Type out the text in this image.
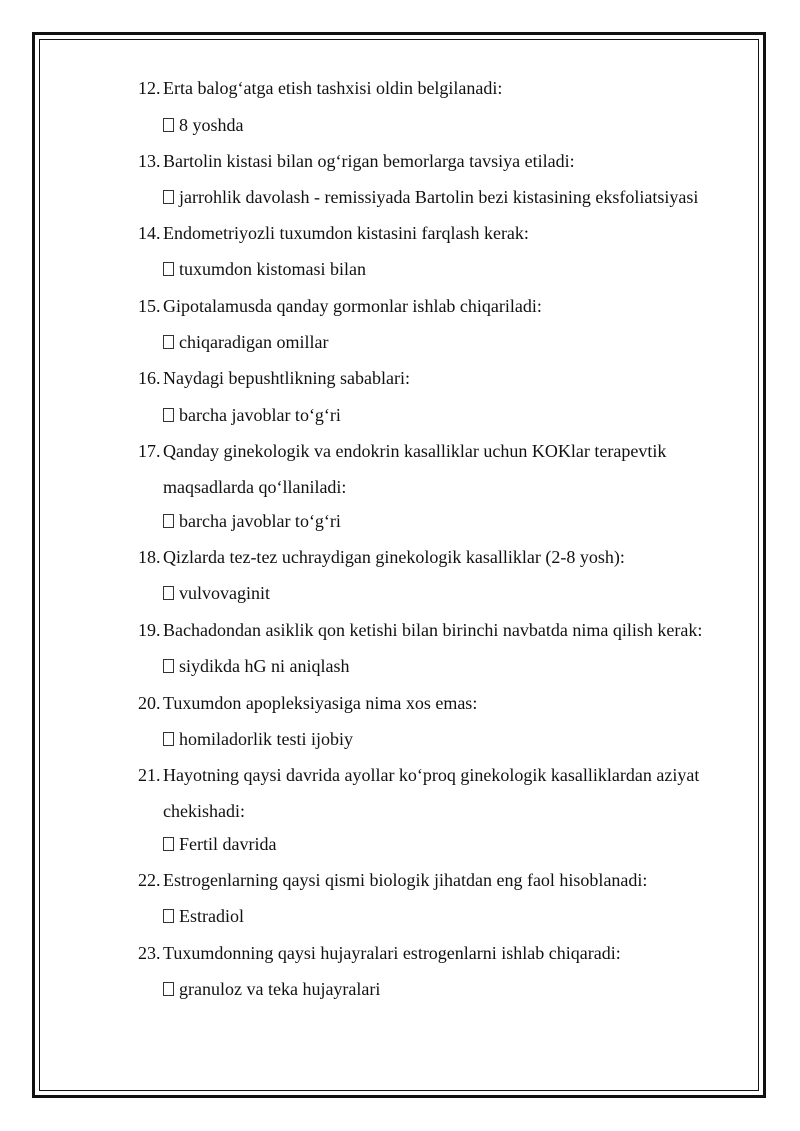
12. Erta balog‘atga etish tashxisi oldin belgilanadi:
8 yoshda
13. Bartolin kistasi bilan og‘rigan bemorlarga tavsiya etiladi:
jarrohlik davolash - remissiyada Bartolin bezi kistasining eksfoliatsiyasi
14. Endometriyozli tuxumdon kistasini farqlash kerak:
tuxumdon kistomasi bilan
15. Gipotalamusda qanday gormonlar ishlab chiqariladi:
chiqaradigan omillar
16. Naydagi bepushtlikning sabablari:
barcha javoblar to‘g‘ri
17. Qanday ginekologik va endokrin kasalliklar uchun KOKlar terapevtik maqsadlarda qo‘llaniladi:
barcha javoblar to‘g‘ri
18. Qizlarda tez-tez uchraydigan ginekologik kasalliklar (2-8 yosh):
vulvovaginit
19. Bachadondan asiklik qon ketishi bilan birinchi navbatda nima qilish kerak:
siydikda hG ni aniqlash
20. Tuxumdon apopleksiyasiga nima xos emas:
homiladorlik testi ijobiy
21. Hayotning qaysi davrida ayollar ko‘proq ginekologik kasalliklardan aziyat chekishadi:
Fertil davrida
22. Estrogenlarning qaysi qismi biologik jihatdan eng faol hisoblanadi:
Estradiol
23. Tuxumdonning qaysi hujayralari estrogenlarni ishlab chiqaradi:
granuloz va teka hujayralari
